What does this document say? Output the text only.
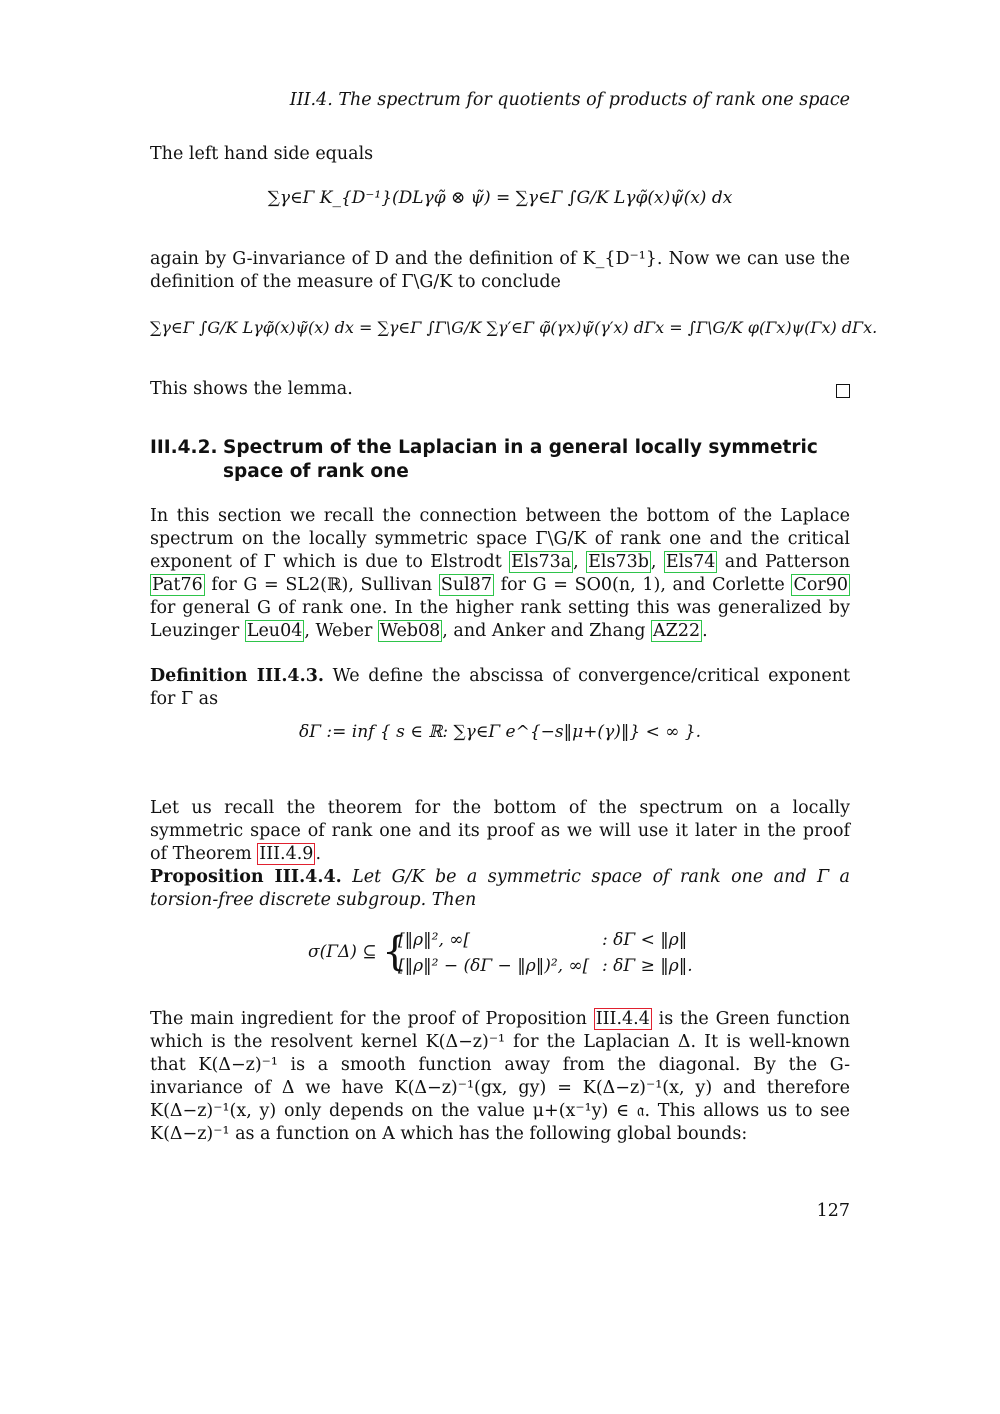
III.4. The spectrum for quotients of products of rank one space
The left hand side equals
∑γ∈Γ K_{D⁻¹}(DLγφ̃ ⊗ ψ̃) = ∑γ∈Γ ∫G/K Lγφ̃(x)ψ̃(x) dx
again by G-invariance of D and the definition of K_{D⁻¹}. Now we can use the definition of the measure of Γ\G/K to conclude
∑γ∈Γ ∫G/K Lγφ̃(x)ψ̃(x) dx = ∑γ∈Γ ∫Γ\G/K ∑γ′∈Γ φ̃(γx)ψ̃(γ′x) dΓx = ∫Γ\G/K φ(Γx)ψ(Γx) dΓx.
This shows the lemma.
III.4.2. Spectrum of the Laplacian in a general locally symmetric space of rank one
In this section we recall the connection between the bottom of the Laplace spectrum on the locally symmetric space Γ\G/K of rank one and the critical exponent of Γ which is due to Elstrodt Els73a , Els73b , Els74 and Patterson Pat76 for G = SL2(ℝ), Sullivan Sul87 for G = SO0(n, 1), and Corlette Cor90 for general G of rank one. In the higher rank setting this was generalized by Leuzinger Leu04 , Weber Web08 , and Anker and Zhang AZ22 .
Definition III.4.3. We define the abscissa of convergence/critical exponent for Γ as
δΓ := inf { s ∈ ℝ: ∑γ∈Γ e^{−s‖μ+(γ)‖} < ∞ }.
Let us recall the theorem for the bottom of the spectrum on a locally symmetric space of rank one and its proof as we will use it later in the proof of Theorem III.4.9 .
Proposition III.4.4. Let G/K be a symmetric space of rank one and Γ a torsion-free discrete subgroup. Then
σ(ΓΔ) ⊆ {
[‖ρ‖², ∞[	: δΓ < ‖ρ‖
[‖ρ‖² − (δΓ − ‖ρ‖)², ∞[ : δΓ ≥ ‖ρ‖.
The main ingredient for the proof of Proposition III.4.4 is the Green function which is the resolvent kernel K(Δ−z)⁻¹ for the Laplacian Δ. It is well-known that K(Δ−z)⁻¹ is a smooth function away from the diagonal. By the G-invariance of Δ we have K(Δ−z)⁻¹(gx, gy) = K(Δ−z)⁻¹(x, y) and therefore K(Δ−z)⁻¹(x, y) only depends on the value μ+(x⁻¹y) ∈ 𝔞. This allows us to see K(Δ−z)⁻¹ as a function on A which has the following global bounds:
127
